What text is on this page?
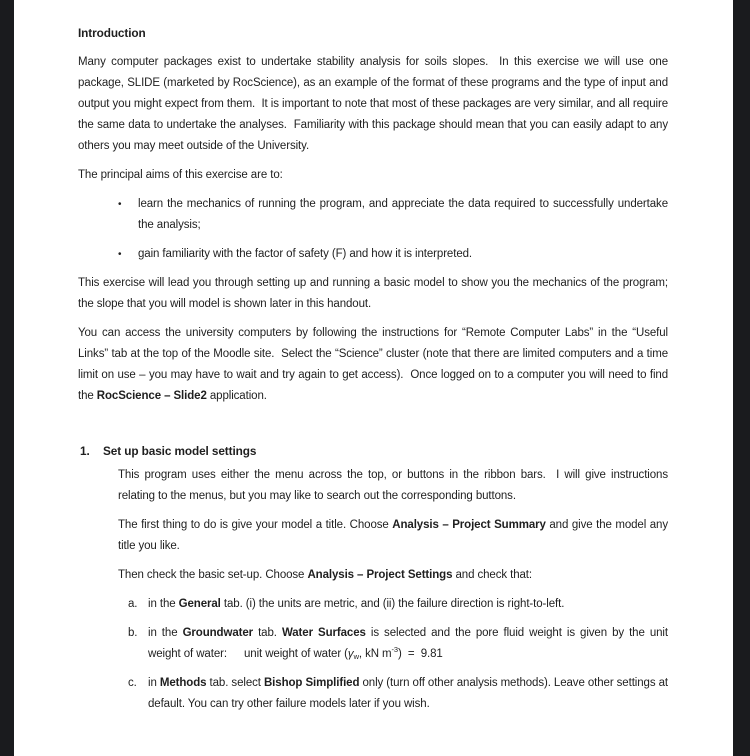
Introduction

Many computer packages exist to undertake stability analysis for soils slopes.  In this exercise we will use one package, SLIDE (marketed by RocScience), as an example of the format of these programs and the type of input and output you might expect from them.  It is important to note that most of these packages are very similar, and all require the same data to undertake the analyses.  Familiarity with this package should mean that you can easily adapt to any others you may meet outside of the University.

The principal aims of this exercise are to:

•	learn the mechanics of running the program, and appreciate the data required to successfully undertake the analysis;
•	gain familiarity with the factor of safety (F) and how it is interpreted.

This exercise will lead you through setting up and running a basic model to show you the mechanics of the program; the slope that you will model is shown later in this handout.

You can access the university computers by following the instructions for “Remote Computer Labs” in the “Useful Links” tab at the top of the Moodle site.  Select the “Science” cluster (note that there are limited computers and a time limit on use – you may have to wait and try again to get access).  Once logged on to a computer you will need to find the RocScience – Slide2 application.

1.	Set up basic model settings

This program uses either the menu across the top, or buttons in the ribbon bars.  I will give instructions relating to the menus, but you may like to search out the corresponding buttons.

The first thing to do is give your model a title. Choose Analysis – Project Summary and give the model any title you like.

Then check the basic set-up. Choose Analysis – Project Settings and check that:

a. in the General tab. (i) the units are metric, and (ii) the failure direction is right-to-left.
b. in the Groundwater tab. Water Surfaces is selected and the pore fluid weight is given by the unit weight of water:  unit weight of water ($\gamma_w$, kN $m^{-3}) = 9.81$
c. in Methods tab. select Bishop Simplified only (turn off other analysis methods). Leave other settings at default. You can try other failure models later if you wish.
